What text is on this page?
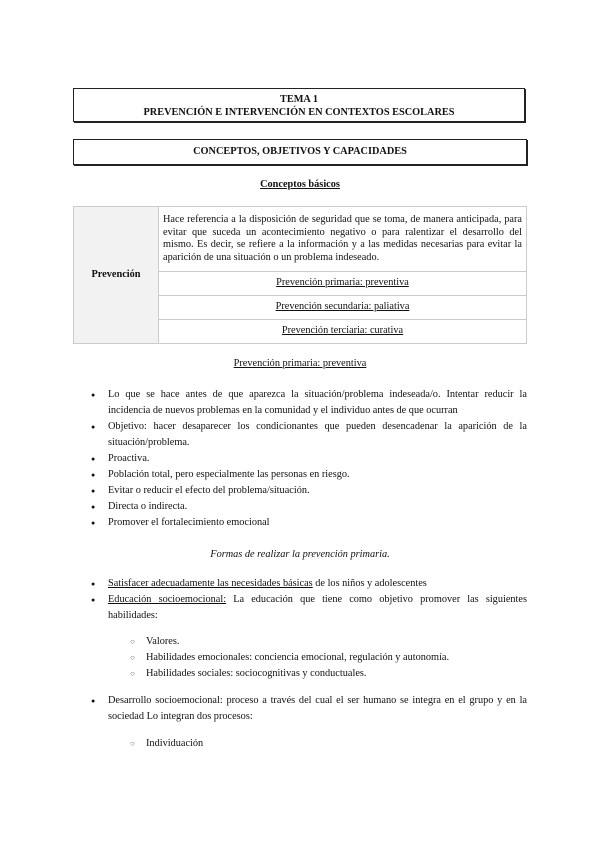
TEMA 1
PREVENCIÓN E INTERVENCIÓN EN CONTEXTOS ESCOLARES
CONCEPTOS, OBJETIVOS Y CAPACIDADES
Conceptos básicos
Prevención	Hace referencia a la disposición de seguridad que se toma, de manera anticipada, para evitar que suceda un acontecimiento negativo o para ralentizar el desarrollo del mismo. Es decir, se refiere a la información y a las medidas necesarias para evitar la aparición de una situación o un problema indeseado.
Prevención primaria: preventiva
Prevención secundaria: paliativa
Prevención terciaria: curativa
Prevención primaria: preventiva
● Lo que se hace antes de que aparezca la situación/problema indeseada/o. Intentar reducir la incidencia de nuevos problemas en la comunidad y el individuo antes de que ocurran
● Objetivo: hacer desaparecer los condicionantes que pueden desencadenar la aparición de la situación/problema.
● Proactiva.
● Población total, pero especialmente las personas en riesgo.
● Evitar o reducir el efecto del problema/situación.
● Directa o indirecta.
● Promover el fortalecimiento emocional
Formas de realizar la prevención primaria.
● Satisfacer adecuadamente las necesidades básicas de los niños y adolescentes
● Educación socioemocional: La educación que tiene como objetivo promover las siguientes habilidades:
○ Valores.
○ Habilidades emocionales: conciencia emocional, regulación y autonomía.
○ Habilidades sociales: sociocognitivas y conductuales.
● Desarrollo socioemocional: proceso a través del cual el ser humano se integra en el grupo y en la sociedad Lo integran dos procesos:
○ Individuación
